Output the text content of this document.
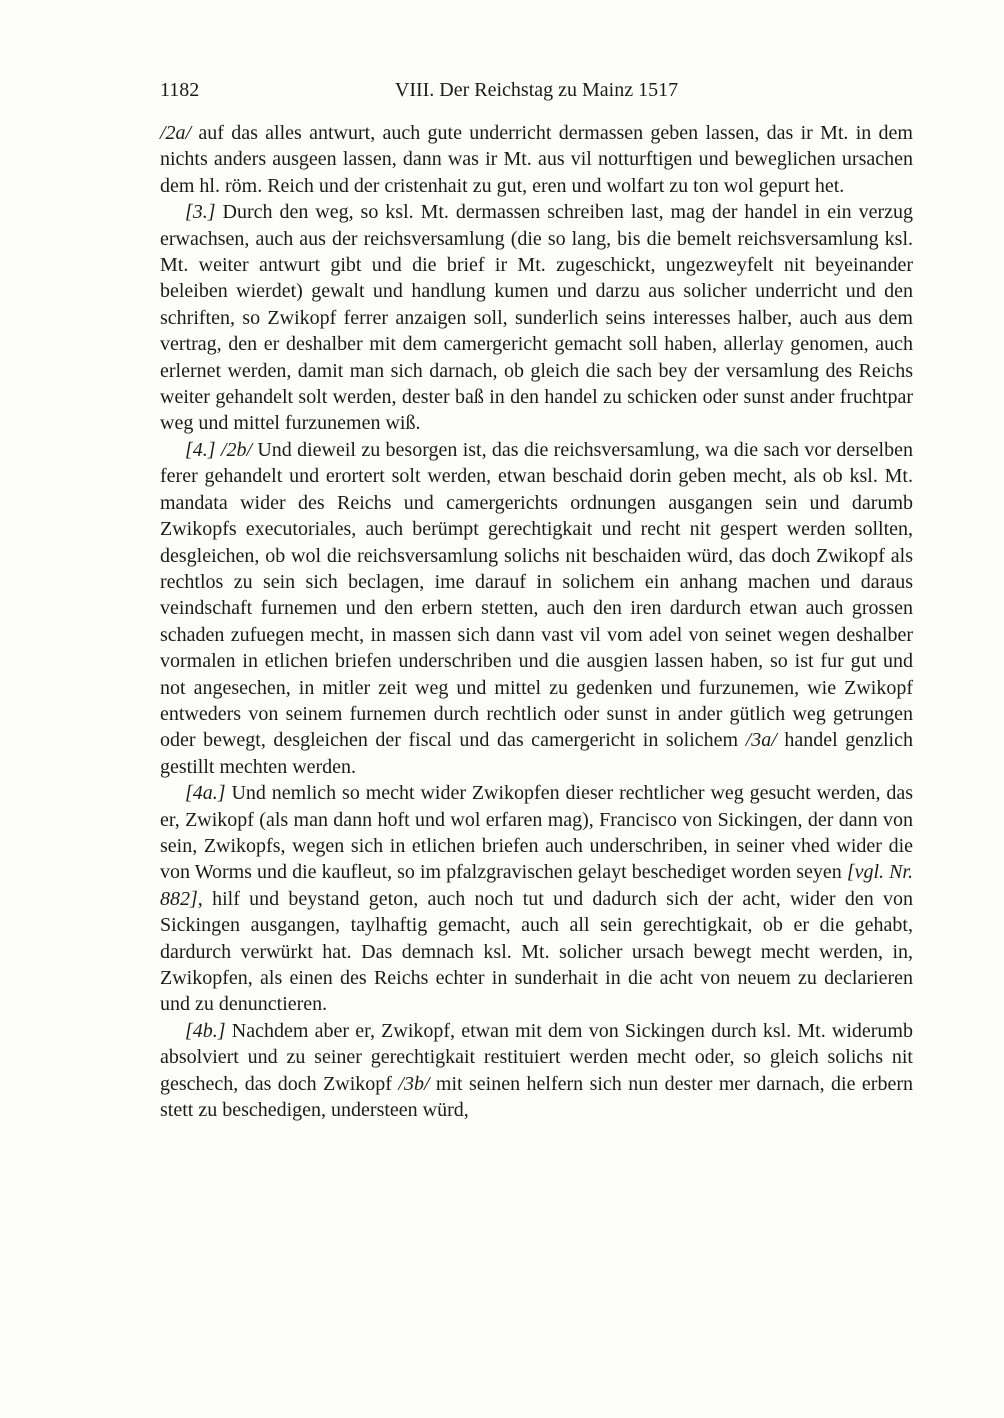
1182	VIII. Der Reichstag zu Mainz 1517

/2a/ auf das alles antwurt, auch gute underricht dermassen geben lassen, das ir Mt. in dem nichts anders ausgeen lassen, dann was ir Mt. aus vil notturftigen und beweglichen ursachen dem hl. röm. Reich und der cristenhait zu gut, eren und wolfart zu ton wol gepurt het.

[3.] Durch den weg, so ksl. Mt. dermassen schreiben last, mag der handel in ein verzug erwachsen, auch aus der reichsversamlung (die so lang, bis die bemelt reichsversamlung ksl. Mt. weiter antwurt gibt und die brief ir Mt. zugeschickt, ungezweyfelt nit beyeinander beleiben wierdet) gewalt und handlung kumen und darzu aus solicher underricht und den schriften, so Zwikopf ferrer anzaigen soll, sunderlich seins interesses halber, auch aus dem vertrag, den er deshalber mit dem camergericht gemacht soll haben, allerlay genomen, auch erlernet werden, damit man sich darnach, ob gleich die sach bey der versamlung des Reichs weiter gehandelt solt werden, dester baß in den handel zu schicken oder sunst ander fruchtpar weg und mittel furzunemen wiß.

[4.] /2b/ Und dieweil zu besorgen ist, das die reichsversamlung, wa die sach vor derselben ferer gehandelt und erortert solt werden, etwan beschaid dorin geben mecht, als ob ksl. Mt. mandata wider des Reichs und camergerichts ordnungen ausgangen sein und darumb Zwikopfs executoriales, auch berümpt gerechtigkait und recht nit gespert werden sollten, desgleichen, ob wol die reichsversamlung solichs nit beschaiden würd, das doch Zwikopf als rechtlos zu sein sich beclagen, ime darauf in solichem ein anhang machen und daraus veindschaft furnemen und den erbern stetten, auch den iren dardurch etwan auch grossen schaden zufuegen mecht, in massen sich dann vast vil vom adel von seinet wegen deshalber vormalen in etlichen briefen underschriben und die ausgien lassen haben, so ist fur gut und not angesechen, in mitler zeit weg und mittel zu gedenken und furzunemen, wie Zwikopf entweders von seinem furnemen durch rechtlich oder sunst in ander gütlich weg getrungen oder bewegt, desgleichen der fiscal und das camergericht in solichem /3a/ handel genzlich gestillt mechten werden.

[4a.] Und nemlich so mecht wider Zwikopfen dieser rechtlicher weg gesucht werden, das er, Zwikopf (als man dann hoft und wol erfaren mag), Francisco von Sickingen, der dann von sein, Zwikopfs, wegen sich in etlichen briefen auch underschriben, in seiner vhed wider die von Worms und die kaufleut, so im pfalzgravischen gelayt beschediget worden seyen [vgl. Nr. 882], hilf und beystand geton, auch noch tut und dadurch sich der acht, wider den von Sickingen ausgangen, taylhaftig gemacht, auch all sein gerechtigkait, ob er die gehabt, dardurch verwürkt hat. Das demnach ksl. Mt. solicher ursach bewegt mecht werden, in, Zwikopfen, als einen des Reichs echter in sunderhait in die acht von neuem zu declarieren und zu denunctieren.

[4b.] Nachdem aber er, Zwikopf, etwan mit dem von Sickingen durch ksl. Mt. widerumb absolviert und zu seiner gerechtigkait restituiert werden mecht oder, so gleich solichs nit geschech, das doch Zwikopf /3b/ mit seinen helfern sich nun dester mer darnach, die erbern stett zu beschedigen, understeen würd,
